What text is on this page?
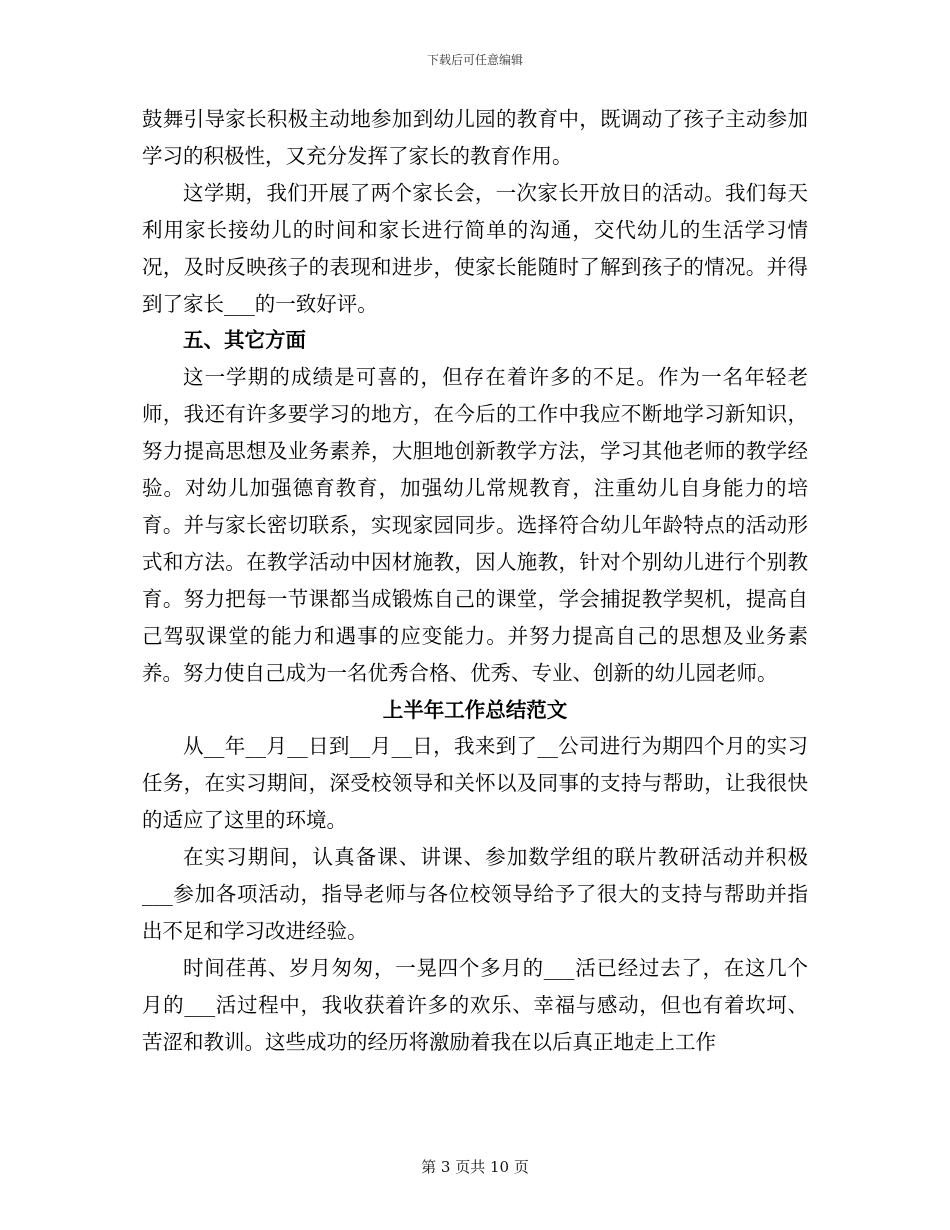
下载后可任意编辑

鼓舞引导家长积极主动地参加到幼儿园的教育中，既调动了孩子主动参加学习的积极性，又充分发挥了家长的教育作用。

这学期，我们开展了两个家长会，一次家长开放日的活动。我们每天利用家长接幼儿的时间和家长进行简单的沟通，交代幼儿的生活学习情况，及时反映孩子的表现和进步，使家长能随时了解到孩子的情况。并得到了家长___的一致好评。

五、其它方面

这一学期的成绩是可喜的，但存在着许多的不足。作为一名年轻老师，我还有许多要学习的地方，在今后的工作中我应不断地学习新知识，努力提高思想及业务素养，大胆地创新教学方法，学习其他老师的教学经验。对幼儿加强德育教育，加强幼儿常规教育，注重幼儿自身能力的培育。并与家长密切联系，实现家园同步。选择符合幼儿年龄特点的活动形式和方法。在教学活动中因材施教，因人施教，针对个别幼儿进行个别教育。努力把每一节课都当成锻炼自己的课堂，学会捕捉教学契机，提高自己驾驭课堂的能力和遇事的应变能力。并努力提高自己的思想及业务素养。努力使自己成为一名优秀合格、优秀、专业、创新的幼儿园老师。

上半年工作总结范文

从__年__月__日到__月__日，我来到了__公司进行为期四个月的实习任务，在实习期间，深受校领导和关怀以及同事的支持与帮助，让我很快的适应了这里的环境。

在实习期间，认真备课、讲课、参加数学组的联片教研活动并积极___参加各项活动，指导老师与各位校领导给予了很大的支持与帮助并指出不足和学习改进经验。

时间荏苒、岁月匆匆，一晃四个多月的___活已经过去了，在这几个月的___活过程中，我收获着许多的欢乐、幸福与感动，但也有着坎坷、苦涩和教训。这些成功的经历将激励着我在以后真正地走上工作

第 3 页共 10 页
